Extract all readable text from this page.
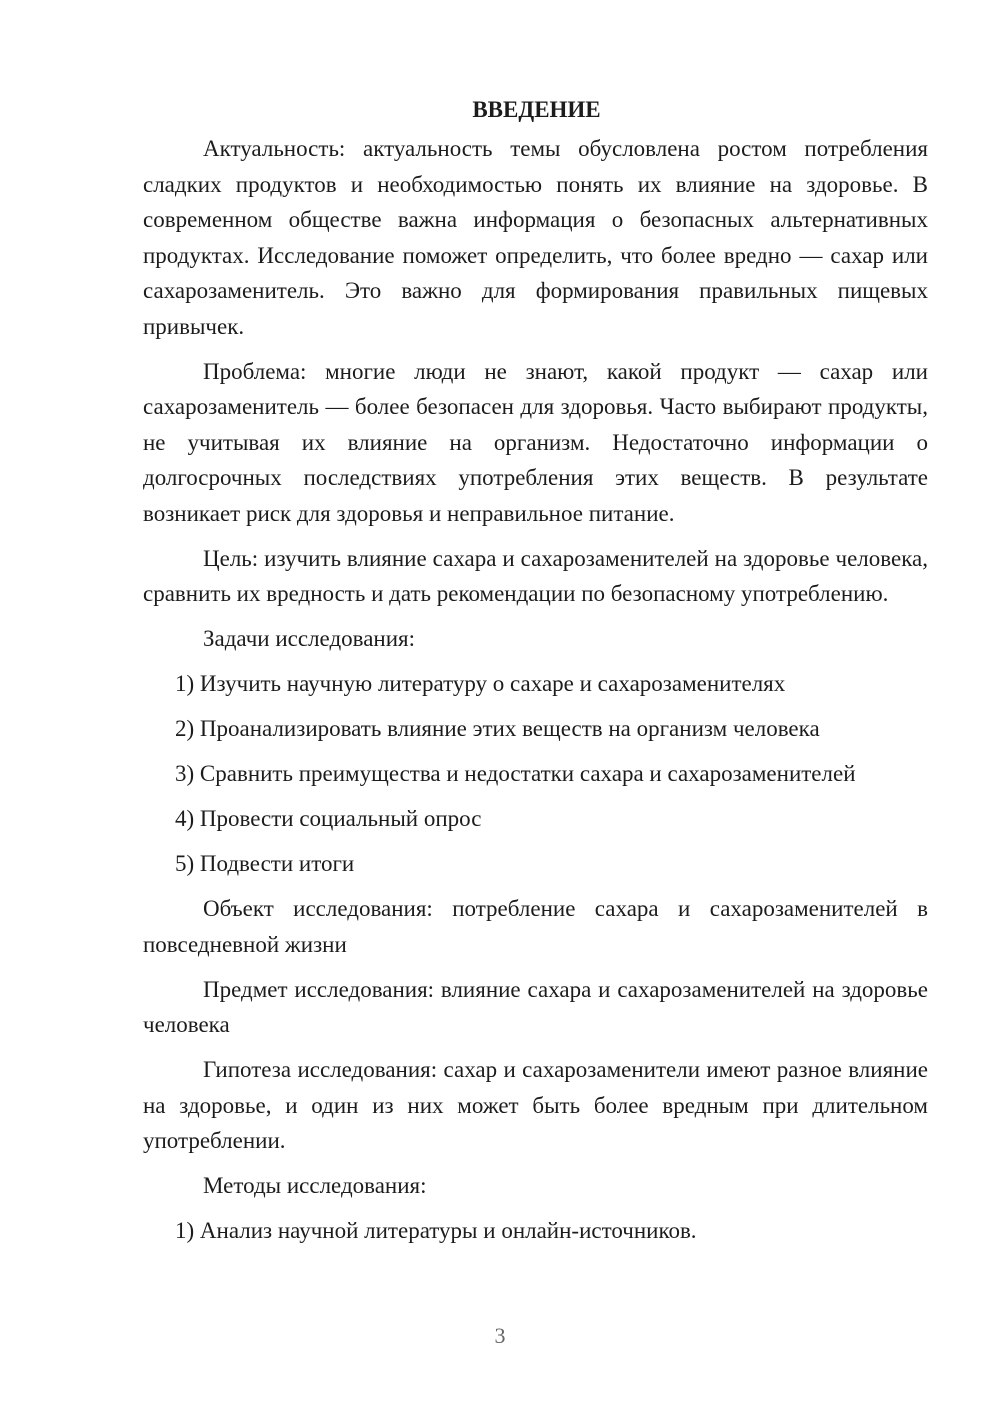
ВВЕДЕНИЕ

Актуальность: актуальность темы обусловлена ростом потребления сладких продуктов и необходимостью понять их влияние на здоровье. В современном обществе важна информация о безопасных альтернативных продуктах. Исследование поможет определить, что более вредно — сахар или сахарозаменитель. Это важно для формирования правильных пищевых привычек.

Проблема: многие люди не знают, какой продукт — сахар или сахарозаменитель — более безопасен для здоровья. Часто выбирают продукты, не учитывая их влияние на организм. Недостаточно информации о долгосрочных последствиях употребления этих веществ. В результате возникает риск для здоровья и неправильное питание.

Цель: изучить влияние сахара и сахарозаменителей на здоровье человека, сравнить их вредность и дать рекомендации по безопасному употреблению.

Задачи исследования:

1) Изучить научную литературу о сахаре и сахарозаменителях
2) Проанализировать влияние этих веществ на организм человека
3) Сравнить преимущества и недостатки сахара и сахарозаменителей
4) Провести социальный опрос
5) Подвести итоги

Объект исследования: потребление сахара и сахарозаменителей в повседневной жизни

Предмет исследования: влияние сахара и сахарозаменителей на здоровье человека

Гипотеза исследования: сахар и сахарозаменители имеют разное влияние на здоровье, и один из них может быть более вредным при длительном употреблении.

Методы исследования:

1) Анализ научной литературы и онлайн-источников.
3
